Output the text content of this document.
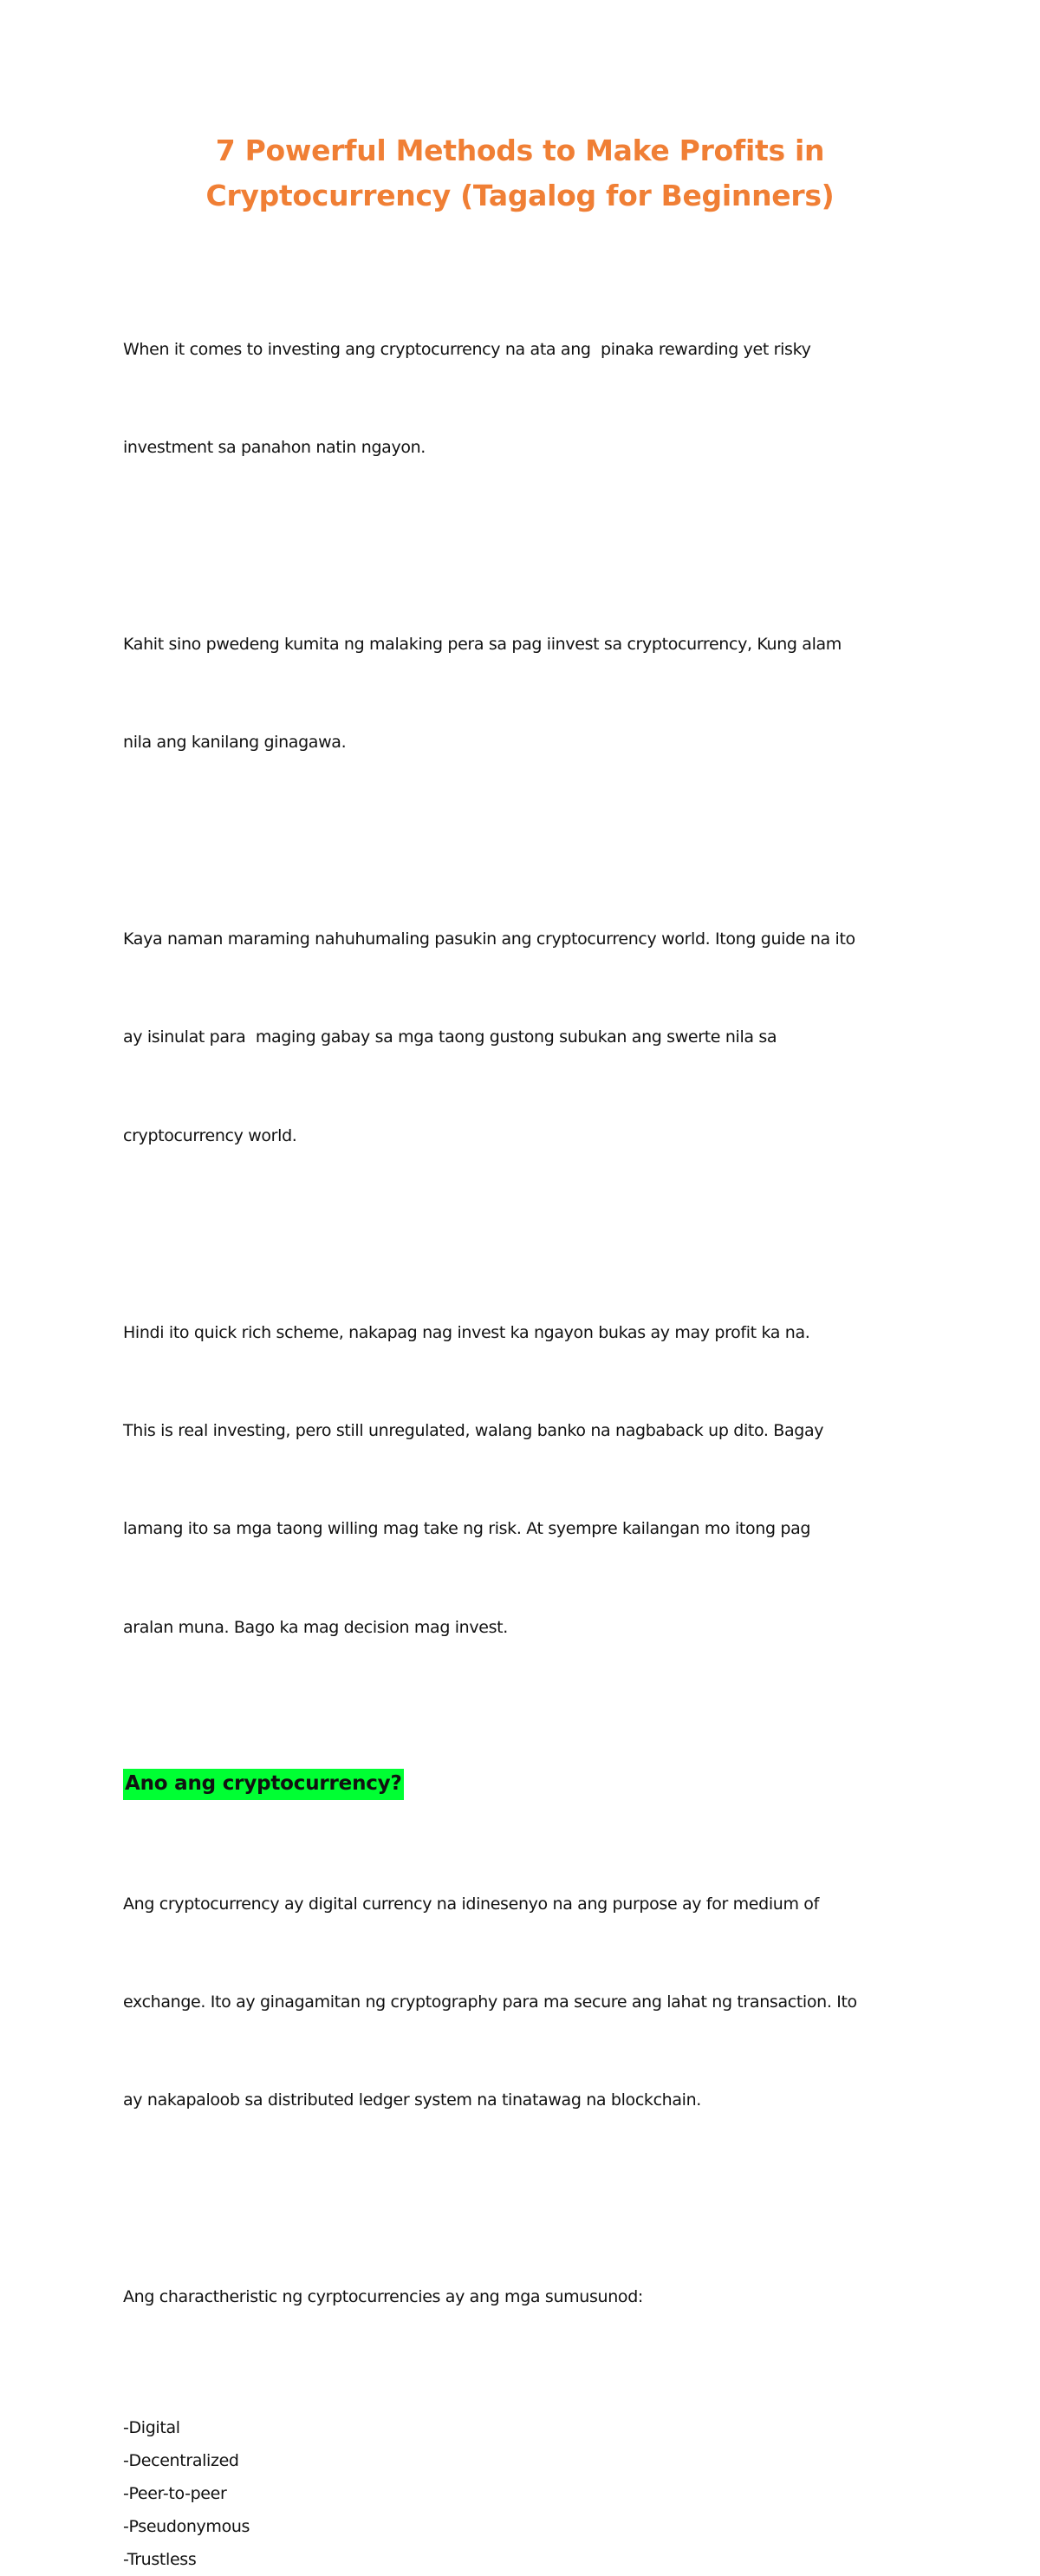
7 Powerful Methods to Make Profits in
Cryptocurrency (Tagalog for Beginners)

When it comes to investing ang cryptocurrency na ata ang  pinaka rewarding yet risky

investment sa panahon natin ngayon.

Kahit sino pwedeng kumita ng malaking pera sa pag iinvest sa cryptocurrency, Kung alam

nila ang kanilang ginagawa.

Kaya naman maraming nahuhumaling pasukin ang cryptocurrency world. Itong guide na ito

ay isinulat para  maging gabay sa mga taong gustong subukan ang swerte nila sa

cryptocurrency world.

Hindi ito quick rich scheme, nakapag nag invest ka ngayon bukas ay may profit ka na.

This is real investing, pero still unregulated, walang banko na nagbaback up dito. Bagay

lamang ito sa mga taong willing mag take ng risk. At syempre kailangan mo itong pag

aralan muna. Bago ka mag decision mag invest.

Ano ang cryptocurrency?

Ang cryptocurrency ay digital currency na idinesenyo na ang purpose ay for medium of

exchange. Ito ay ginagamitan ng cryptography para ma secure ang lahat ng transaction. Ito

ay nakapaloob sa distributed ledger system na tinatawag na blockchain.

Ang charactheristic ng cyrptocurrencies ay ang mga sumusunod:

-Digital
-Decentralized
-Peer-to-peer
-Pseudonymous
-Trustless
